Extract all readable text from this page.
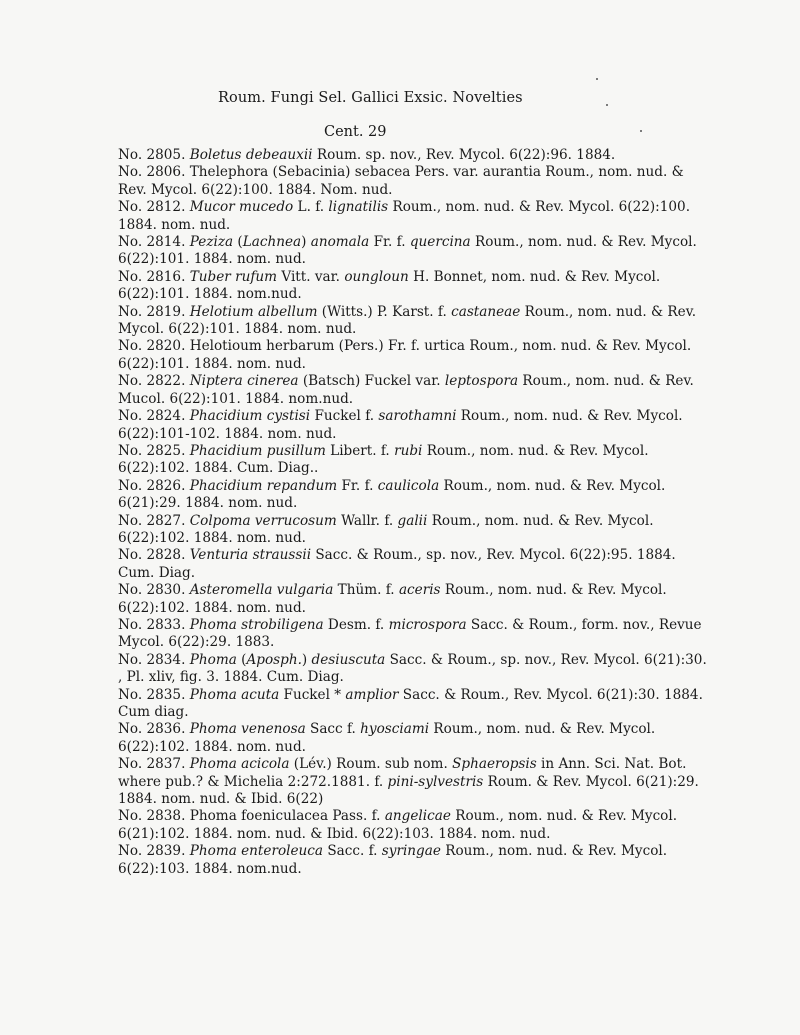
Roum. Fungi Sel. Gallici Exsic. Novelties
Cent. 29

No. 2805. Boletus debeauxii Roum. sp. nov., Rev. Mycol. 6(22):96. 1884.

No. 2806. Thelephora (Sebacinia) sebacea Pers. var. aurantia Roum., nom. nud. & Rev. Mycol. 6(22):100. 1884. Nom. nud.

No. 2812. Mucor mucedo L. f. lignatilis Roum., nom. nud. & Rev. Mycol. 6(22):100. 1884. nom. nud.

No. 2814. Peziza (Lachnea) anomala Fr. f. quercina Roum., nom. nud. & Rev. Mycol. 6(22):101. 1884. nom. nud.

No. 2816. Tuber rufum Vitt. var. oungloun H. Bonnet, nom. nud. & Rev. Mycol. 6(22):101. 1884. nom.nud.

No. 2819. Helotium albellum (Witts.) P. Karst. f. castaneae Roum., nom. nud. & Rev. Mycol. 6(22):101. 1884. nom. nud.

No. 2820. Helotioum herbarum (Pers.) Fr. f. urtica Roum., nom. nud. & Rev. Mycol. 6(22):101. 1884. nom. nud.

No. 2822. Niptera cinerea (Batsch) Fuckel var. leptospora Roum., nom. nud. & Rev. Mucol. 6(22):101. 1884. nom.nud.

No. 2824. Phacidium cystisi Fuckel f. sarothamni Roum., nom. nud. & Rev. Mycol. 6(22):101-102. 1884. nom. nud.

No. 2825. Phacidium pusillum Libert. f. rubi Roum., nom. nud. & Rev. Mycol. 6(22):102. 1884. Cum. Diag..

No. 2826. Phacidium repandum Fr. f. caulicola Roum., nom. nud. & Rev. Mycol. 6(21):29. 1884. nom. nud.

No. 2827. Colpoma verrucosum Wallr. f. galii Roum., nom. nud. & Rev. Mycol. 6(22):102. 1884. nom. nud.

No. 2828. Venturia straussii Sacc. & Roum., sp. nov., Rev. Mycol. 6(22):95. 1884. Cum. Diag.

No. 2830. Asteromella vulgaria Thüm. f. aceris Roum., nom. nud. & Rev. Mycol. 6(22):102. 1884. nom. nud.

No. 2833. Phoma strobiligena Desm. f. microspora Sacc. & Roum., form. nov., Revue Mycol. 6(22):29. 1883.

No. 2834. Phoma (Aposph.) desiuscuta Sacc. & Roum., sp. nov., Rev. Mycol. 6(21):30. , Pl. xliv, fig. 3. 1884. Cum. Diag.

No. 2835. Phoma acuta Fuckel * amplior Sacc. & Roum., Rev. Mycol. 6(21):30. 1884. Cum diag.

No. 2836. Phoma venenosa Sacc f. hyosciami Roum., nom. nud. & Rev. Mycol. 6(22):102. 1884. nom. nud.

No. 2837. Phoma acicola (Lév.) Roum. sub nom. Sphaeropsis in Ann. Sci. Nat. Bot. where pub.? & Michelia 2:272.1881. f. pini-sylvestris Roum. & Rev. Mycol. 6(21):29. 1884. nom. nud. & Ibid. 6(22)

No. 2838. Phoma foeniculacea Pass. f. angelicae Roum., nom. nud. & Rev. Mycol. 6(21):102. 1884. nom. nud. & Ibid. 6(22):103. 1884. nom. nud.

No. 2839. Phoma enteroleuca Sacc. f. syringae Roum., nom. nud. & Rev. Mycol. 6(22):103. 1884. nom.nud.
